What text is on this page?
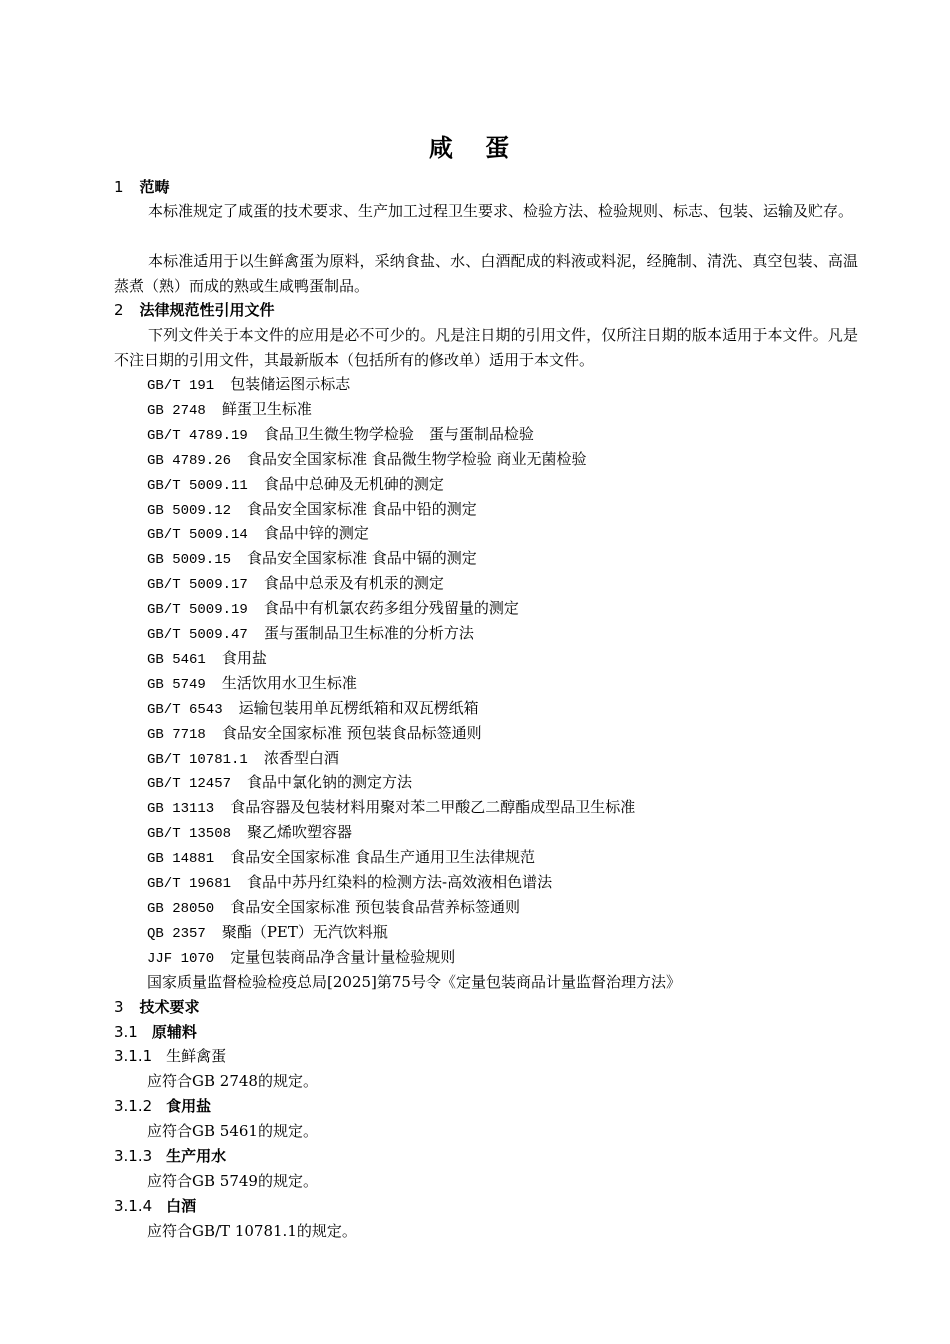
咸 蛋
1 范畴
本标准规定了咸蛋的技术要求、生产加工过程卫生要求、检验方法、检验规则、标志、包装、运输及贮存。
本标准适用于以生鲜禽蛋为原料，采纳食盐、水、白酒配成的料液或料泥，经腌制、清洗、真空包装、高温蒸煮（熟）而成的熟或生咸鸭蛋制品。
2 法律规范性引用文件
下列文件关于本文件的应用是必不可少的。凡是注日期的引用文件，仅所注日期的版本适用于本文件。凡是不注日期的引用文件，其最新版本（包括所有的修改单）适用于本文件。
GB/T 191 包装储运图示标志
GB 2748 鲜蛋卫生标准
GB/T 4789.19 食品卫生微生物学检验　蛋与蛋制品检验
GB 4789.26 食品安全国家标准 食品微生物学检验 商业无菌检验
GB/T 5009.11 食品中总砷及无机砷的测定
GB 5009.12 食品安全国家标准 食品中铅的测定
GB/T 5009.14 食品中锌的测定
GB 5009.15 食品安全国家标准 食品中镉的测定
GB/T 5009.17 食品中总汞及有机汞的测定
GB/T 5009.19 食品中有机氯农药多组分残留量的测定
GB/T 5009.47 蛋与蛋制品卫生标准的分析方法
GB 5461 食用盐
GB 5749 生活饮用水卫生标准
GB/T 6543 运输包装用单瓦楞纸箱和双瓦楞纸箱
GB 7718 食品安全国家标准 预包装食品标签通则
GB/T 10781.1 浓香型白酒
GB/T 12457 食品中氯化钠的测定方法
GB 13113 食品容器及包装材料用聚对苯二甲酸乙二醇酯成型品卫生标准
GB/T 13508 聚乙烯吹塑容器
GB 14881 食品安全国家标准 食品生产通用卫生法律规范
GB/T 19681 食品中苏丹红染料的检测方法-高效液相色谱法
GB 28050 食品安全国家标准 预包装食品营养标签通则
QB 2357 聚酯（PET）无汽饮料瓶
JJF 1070 定量包装商品净含量计量检验规则
国家质量监督检验检疫总局[2025]第75号令《定量包装商品计量监督治理方法》
3 技术要求
3.1 原辅料
3.1.1 生鲜禽蛋
应符合GB 2748的规定。
3.1.2 食用盐
应符合GB 5461的规定。
3.1.3 生产用水
应符合GB 5749的规定。
3.1.4 白酒
应符合GB/T 10781.1的规定。
